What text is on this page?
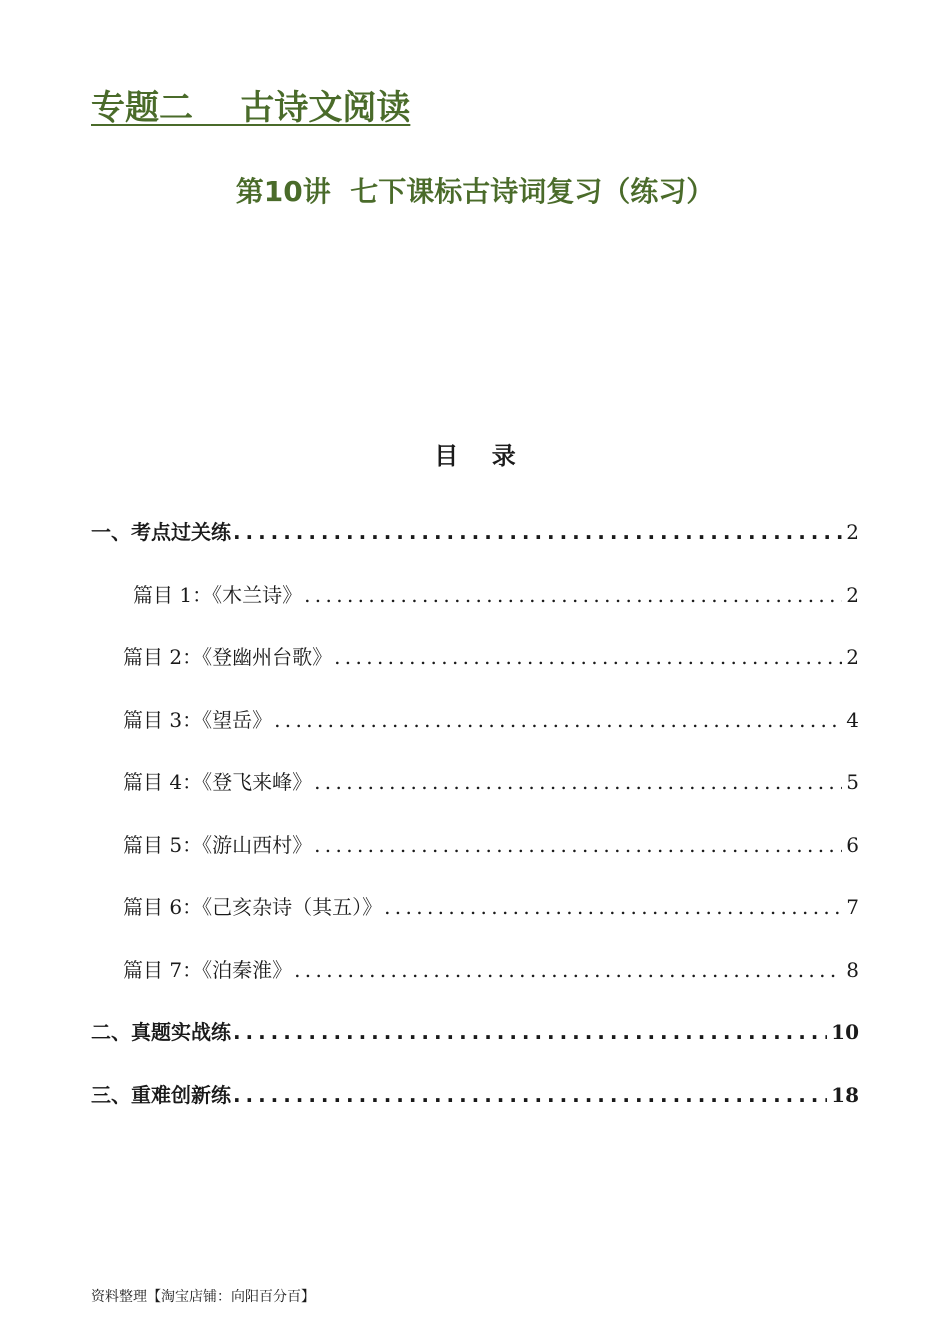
专题二    古诗文阅读
第10讲  七下课标古诗词复习（练习）
目    录
一、考点过关练 . . .	2
篇目 1：《木兰诗》 . . .	2
篇目 2：《登幽州台歌》 . . .	2
篇目 3：《望岳》 . . .	4
篇目 4：《登飞来峰》 . . .	5
篇目 5：《游山西村》 . . .	6
篇目 6：《己亥杂诗（其五）》 . . .	7
篇目 7：《泊秦淮》 . . .	8
二、真题实战练 . . .	10
三、重难创新练 . . .	18
资料整理【淘宝店铺：向阳百分百】
